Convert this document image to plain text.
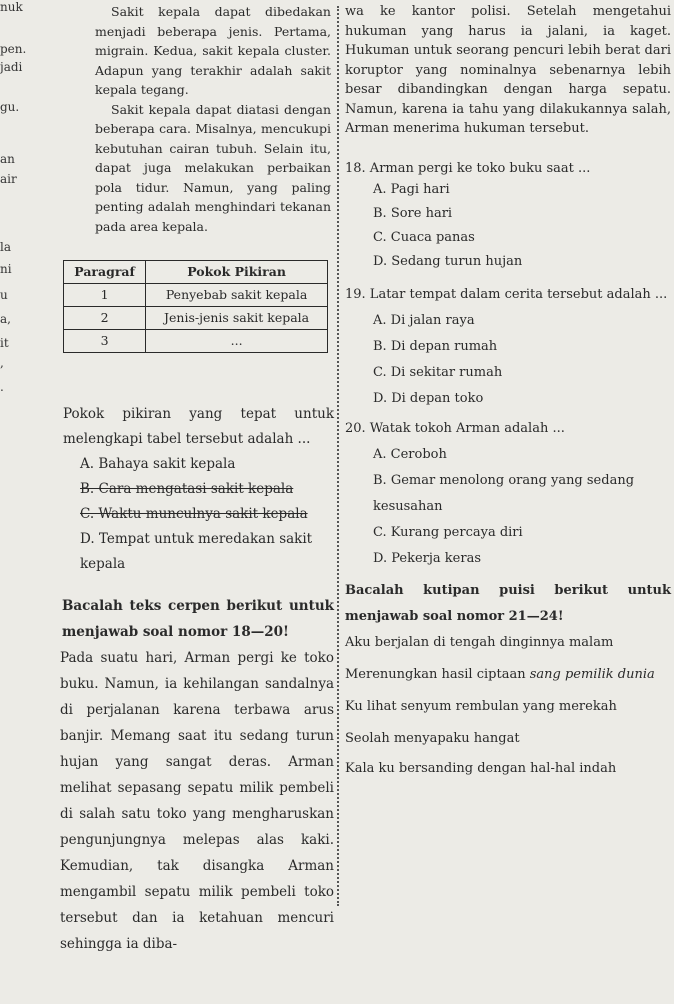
nuk
pen.
jadi
gu.
an
air
la
ni
u
a,
it
,
.

Sakit kepala dapat dibedakan menjadi beberapa jenis. Pertama, migrain. Kedua, sakit kepala cluster. Adapun yang terakhir adalah sakit kepala tegang.

Sakit kepala dapat diatasi dengan beberapa cara. Misalnya, mencukupi kebutuhan cairan tubuh. Selain itu, dapat juga melakukan perbaikan pola tidur. Namun, yang paling penting adalah menghindari tekanan pada area kepala.

Paragraf	Pokok Pikiran
1	Penyebab sakit kepala
2	Jenis-jenis sakit kepala
3	...

Pokok pikiran yang tepat untuk melengkapi tabel tersebut adalah ...

A. Bahaya sakit kepala

B. Cara mengatasi sakit kepala

C. Waktu munculnya sakit kepala

D. Tempat untuk meredakan sakit kepala

Bacalah teks cerpen berikut untuk menjawab soal nomor 18—20!

Pada suatu hari, Arman pergi ke toko buku. Namun, ia kehilangan sandalnya di perjalanan karena terbawa arus banjir. Memang saat itu sedang turun hujan yang sangat deras. Arman melihat sepasang sepatu milik pembeli di salah satu toko yang mengharuskan pengunjungnya melepas alas kaki. Kemudian, tak disangka Arman mengambil sepatu milik pembeli toko tersebut dan ia ketahuan mencuri sehingga ia diba-

wa ke kantor polisi. Setelah mengetahui hukuman yang harus ia jalani, ia kaget. Hukuman untuk seorang pencuri lebih berat dari koruptor yang nominalnya sebenarnya lebih besar dibandingkan dengan harga sepatu. Namun, karena ia tahu yang dilakukannya salah, Arman menerima hukuman tersebut.

18. Arman pergi ke toko buku saat ...

A. Pagi hari

B. Sore hari

C. Cuaca panas

D. Sedang turun hujan

19. Latar tempat dalam cerita tersebut adalah ...

A. Di jalan raya

B. Di depan rumah

C. Di sekitar rumah

D. Di depan toko

20. Watak tokoh Arman adalah ...

A. Ceroboh

B. Gemar menolong orang yang sedang kesusahan

C. Kurang percaya diri

D. Pekerja keras

Bacalah kutipan puisi berikut untuk menjawab soal nomor 21—24!

Aku berjalan di tengah dinginnya malam

Merenungkan hasil ciptaan sang pemilik dunia

Ku lihat senyum rembulan yang merekah

Seolah menyapaku hangat

Kala ku bersanding dengan hal-hal indah
